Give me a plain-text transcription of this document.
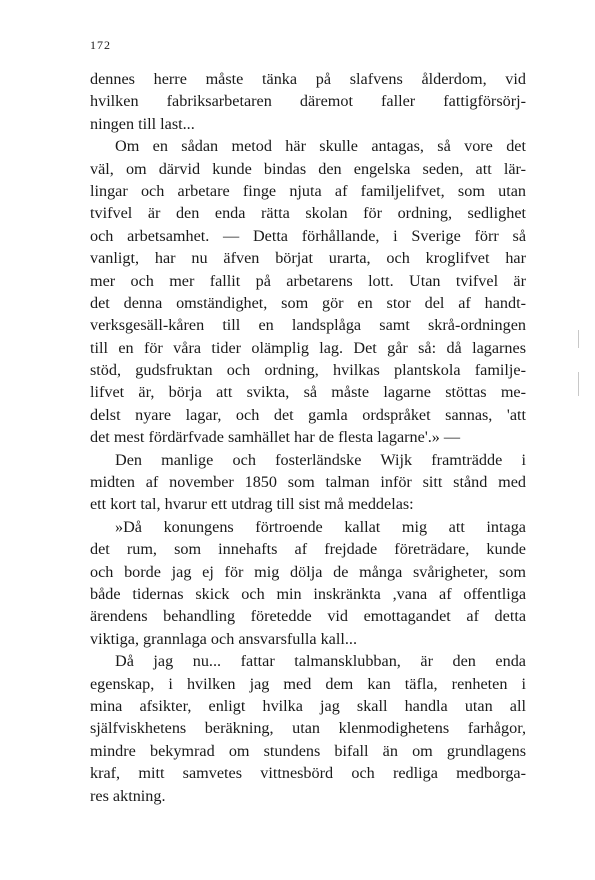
172
dennes herre måste tänka på slafvens ålderdom, vid
hvilken fabriksarbetaren däremot faller fattigförsörj-
ningen till last...
Om en sådan metod här skulle antagas, så vore det
väl, om därvid kunde bindas den engelska seden, att lär-
lingar och arbetare finge njuta af familjelifvet, som utan
tvifvel är den enda rätta skolan för ordning, sedlighet
och arbetsamhet. — Detta förhållande, i Sverige förr så
vanligt, har nu äfven börjat urarta, och kroglifvet har
mer och mer fallit på arbetarens lott. Utan tvifvel är
det denna omständighet, som gör en stor del af handt-
verksgesäll-kåren till en landsplåga samt skrå-ordningen
till en för våra tider olämplig lag. Det går så: då lagarnes
stöd, gudsfruktan och ordning, hvilkas plantskola familje-
lifvet är, börja att svikta, så måste lagarne stöttas me-
delst nyare lagar, och det gamla ordspråket sannas, 'att
det mest fördärfvade samhället har de flesta lagarne'.» —
Den manlige och fosterländske Wijk framträdde i
midten af november 1850 som talman inför sitt stånd med
ett kort tal, hvarur ett utdrag till sist må meddelas:
»Då konungens förtroende kallat mig att intaga
det rum, som innehafts af frejdade företrädare, kunde
och borde jag ej för mig dölja de många svårigheter, som
både tidernas skick och min inskränkta ,vana af offentliga
ärendens behandling företedde vid emottagandet af detta
viktiga, grannlaga och ansvarsfulla kall...
Då jag nu... fattar talmansklubban, är den enda
egenskap, i hvilken jag med dem kan täfla, renheten i
mina afsikter, enligt hvilka jag skall handla utan all
själfviskhetens beräkning, utan klenmodighetens farhågor,
mindre bekymrad om stundens bifall än om grundlagens
kraf, mitt samvetes vittnesbörd och redliga medborga-
res aktning.
